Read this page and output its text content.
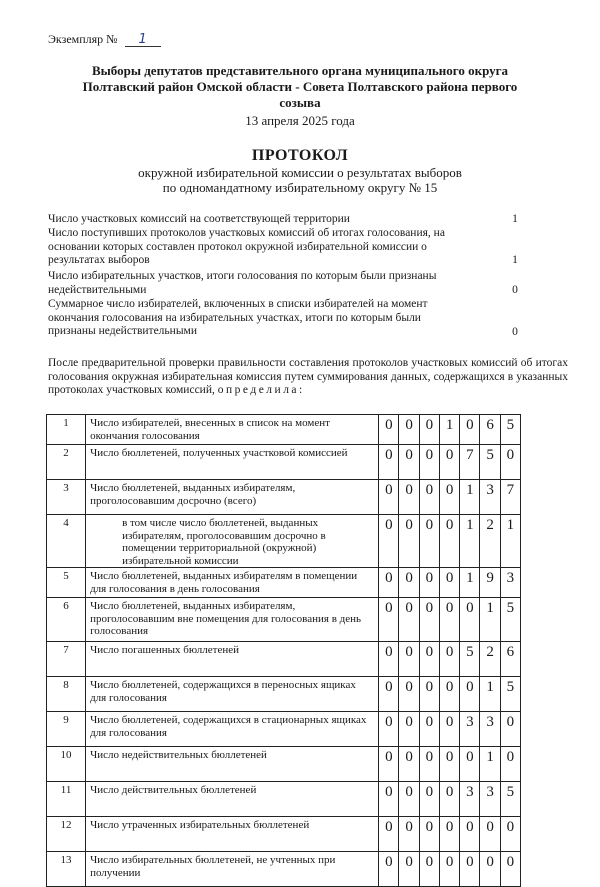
Экземпляр № 1
Выборы депутатов представительного органа муниципального округа
Полтавский район Омской области - Совета Полтавского района первого
созыва
13 апреля 2025 года
ПРОТОКОЛ
окружной избирательной комиссии о результатах выборов
по одномандатному избирательному округу № 15
Число участковых комиссий на соответствующей территории	1
Число поступивших протоколов участковых комиссий об итогах голосования, на
основании которых составлен протокол окружной избирательной комиссии о
результатах выборов	1
Число избирательных участков, итоги голосования по которым были признаны
недействительными	0
Суммарное число избирателей, включенных в списки избирателей на момент
окончания голосования на избирательных участках, итоги по которым были
признаны недействительными	0
После предварительной проверки правильности составления протоколов участковых комиссий об итогах голосования окружная избирательная комиссия путем суммирования данных, содержащихся в указанных протоколах участковых комиссий, определила:
1	Число избирателей, внесенных в список на момент окончания голосования	0	0	0	1	0	6	5
2	Число бюллетеней, полученных участковой комиссией	0	0	0	0	7	5	0
3	Число бюллетеней, выданных избирателям, проголосовавшим досрочно (всего)	0	0	0	0	1	3	7
4	в том числе число бюллетеней, выданных избирателям, проголосовавшим досрочно в помещении территориальной (окружной) избирательной комиссии	0	0	0	0	1	2	1
5	Число бюллетеней, выданных избирателям в помещении для голосования в день голосования	0	0	0	0	1	9	3
6	Число бюллетеней, выданных избирателям, проголосовавшим вне помещения для голосования в день голосования	0	0	0	0	0	1	5
7	Число погашенных бюллетеней	0	0	0	0	5	2	6
8	Число бюллетеней, содержащихся в переносных ящиках для голосования	0	0	0	0	0	1	5
9	Число бюллетеней, содержащихся в стационарных ящиках для голосования	0	0	0	0	3	3	0
10	Число недействительных бюллетеней	0	0	0	0	0	1	0
11	Число действительных бюллетеней	0	0	0	0	3	3	5
12	Число утраченных избирательных бюллетеней	0	0	0	0	0	0	0
13	Число избирательных бюллетеней, не учтенных при получении	0	0	0	0	0	0	0
